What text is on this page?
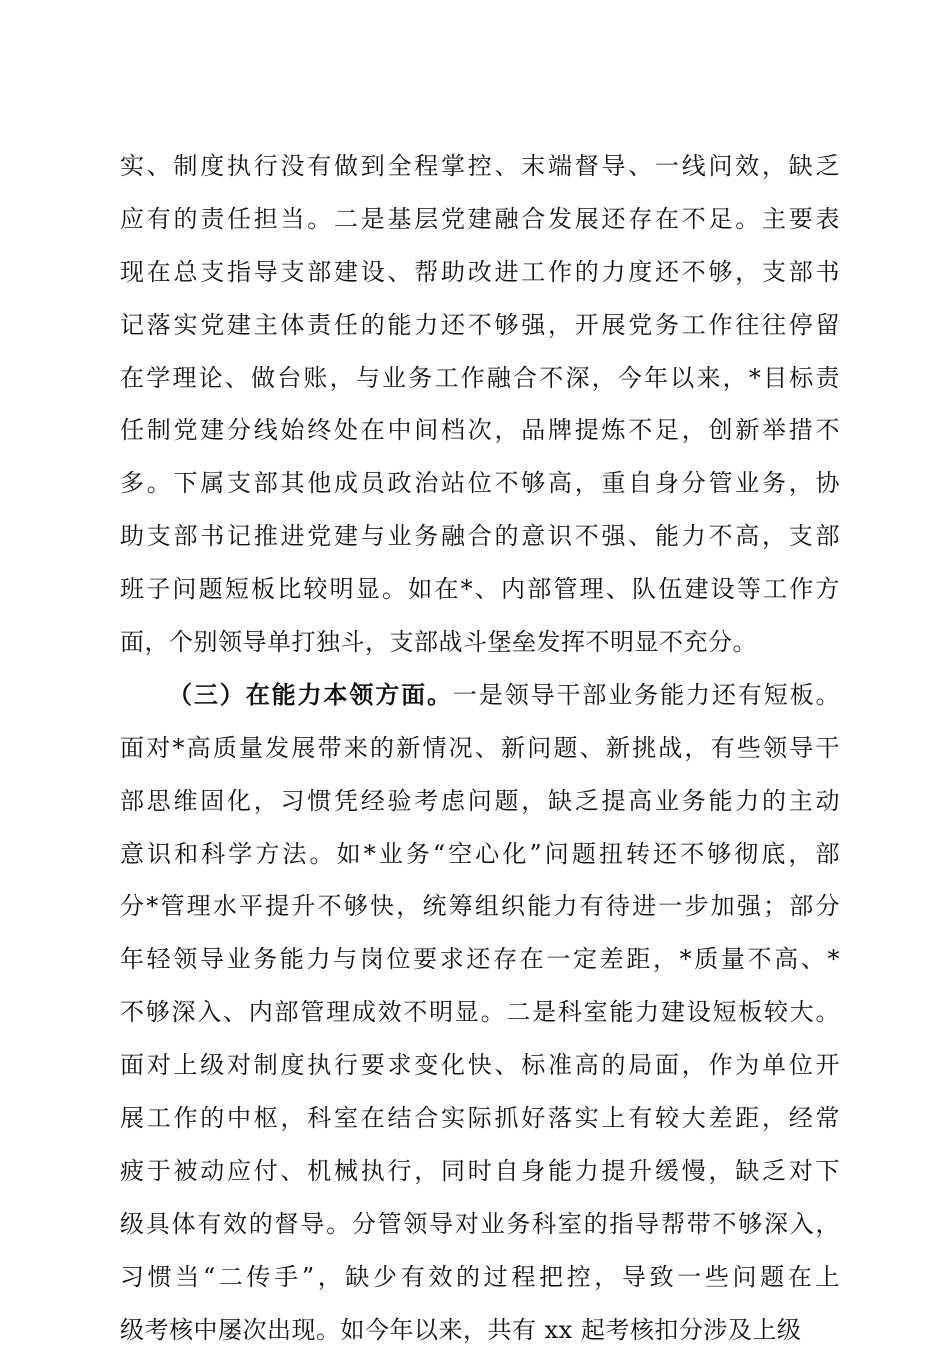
实、制度执行没有做到全程掌控、末端督导、一线问效，缺乏
应有的责任担当。二是基层党建融合发展还存在不足。主要表
现在总支指导支部建设、帮助改进工作的力度还不够，支部书
记落实党建主体责任的能力还不够强，开展党务工作往往停留
在学理论、做台账，与业务工作融合不深，今年以来，*目标责
任制党建分线始终处在中间档次，品牌提炼不足，创新举措不
多。下属支部其他成员政治站位不够高，重自身分管业务，协
助支部书记推进党建与业务融合的意识不强、能力不高，支部
班子问题短板比较明显。如在*、内部管理、队伍建设等工作方
面，个别领导单打独斗，支部战斗堡垒发挥不明显不充分。
（三）在能力本领方面。一是领导干部业务能力还有短板。
面对*高质量发展带来的新情况、新问题、新挑战，有些领导干
部思维固化，习惯凭经验考虑问题，缺乏提高业务能力的主动
意识和科学方法。如*业务“空心化”问题扭转还不够彻底，部
分*管理水平提升不够快，统筹组织能力有待进一步加强；部分
年轻领导业务能力与岗位要求还存在一定差距，*质量不高、*
不够深入、内部管理成效不明显。二是科室能力建设短板较大。
面对上级对制度执行要求变化快、标准高的局面，作为单位开
展工作的中枢，科室在结合实际抓好落实上有较大差距，经常
疲于被动应付、机械执行，同时自身能力提升缓慢，缺乏对下
级具体有效的督导。分管领导对业务科室的指导帮带不够深入，
习惯当“二传手”，缺少有效的过程把控，导致一些问题在上
级考核中屡次出现。如今年以来，共有 xx 起考核扣分涉及上级
